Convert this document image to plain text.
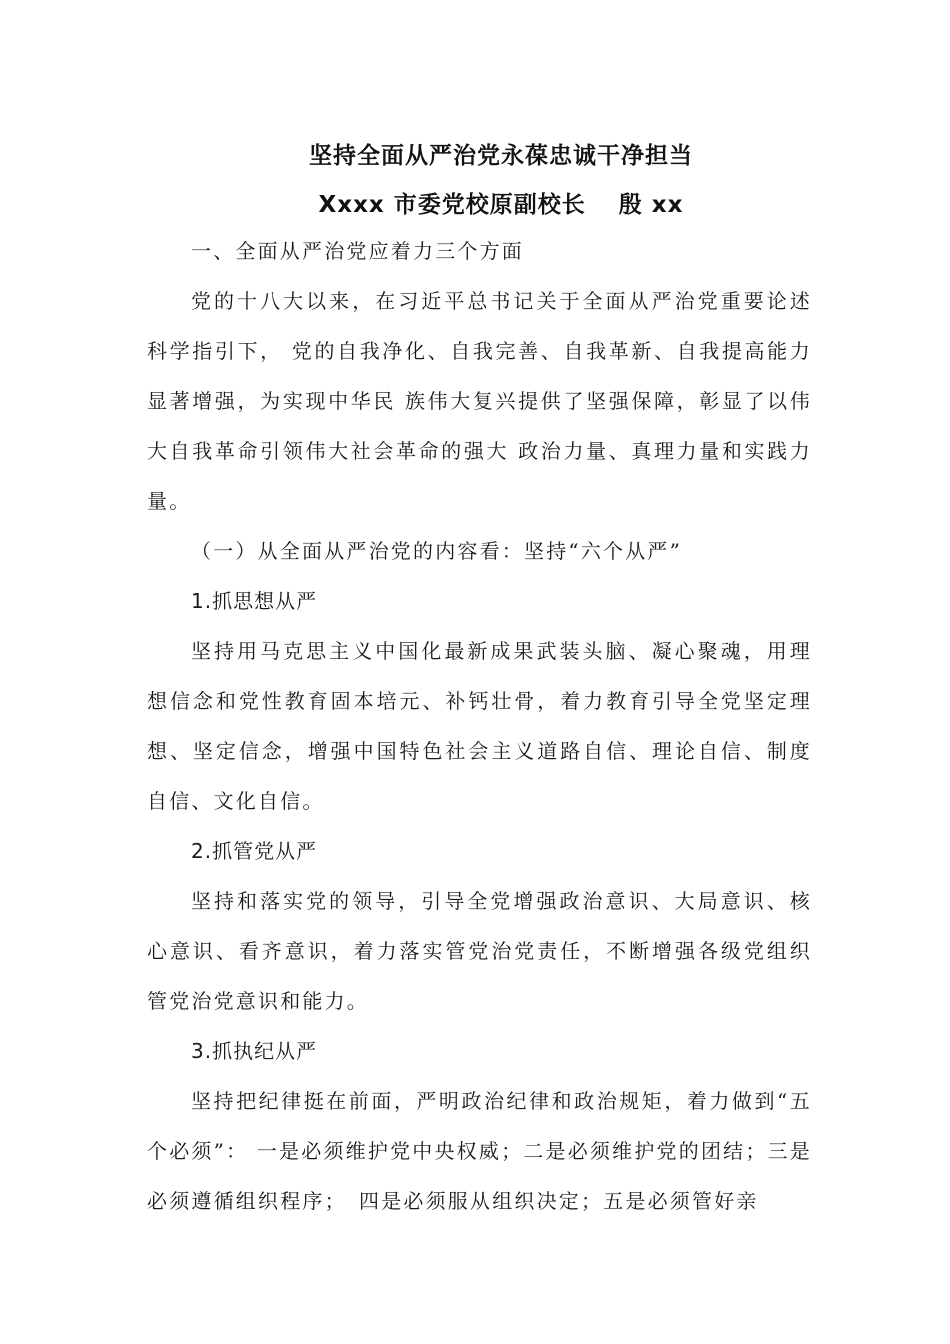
坚持全面从严治党永葆忠诚干净担当
Xxxx 市委党校原副校长　 殷 xx

一、全面从严治党应着力三个方面

党的十八大以来，在习近平总书记关于全面从严治党重要论述科学指引下， 党的自我净化、自我完善、自我革新、自我提高能力显著增强，为实现中华民 族伟大复兴提供了坚强保障，彰显了以伟大自我革命引领伟大社会革命的强大 政治力量、真理力量和实践力量。

（一）从全面从严治党的内容看：坚持“六个从严”

1.抓思想从严

坚持用马克思主义中国化最新成果武装头脑、凝心聚魂，用理想信念和党性教育固本培元、补钙壮骨，着力教育引导全党坚定理想、坚定信念，增强中国特色社会主义道路自信、理论自信、制度自信、文化自信。

2.抓管党从严

坚持和落实党的领导，引导全党增强政治意识、大局意识、核心意识、看齐意识，着力落实管党治党责任，不断增强各级党组织管党治党意识和能力。

3.抓执纪从严

坚持把纪律挺在前面，严明政治纪律和政治规矩，着力做到“五个必须”： 一是必须维护党中央权威；二是必须维护党的团结；三是必须遵循组织程序；　四是必须服从组织决定；五是必须管好亲
